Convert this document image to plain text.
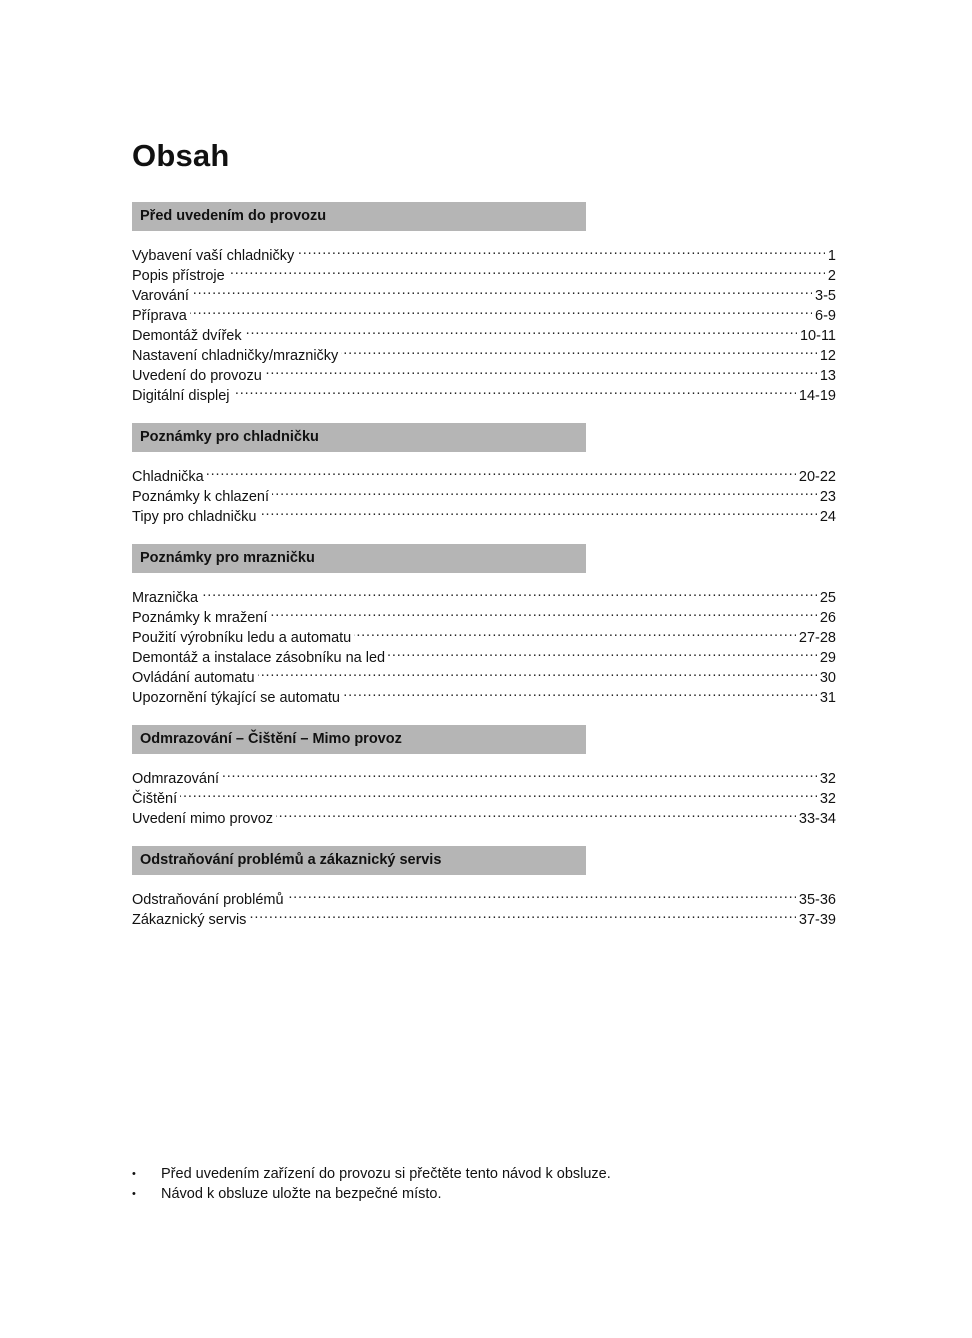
Obsah
Před uvedením do provozu
Vybavení vaší chladničky . . .	1
Popis přístroje . . .	2
Varování . . .	3-5
Příprava . . .	6-9
Demontáž dvířek . . .	10-11
Nastavení chladničky/mrazničky . . .	12
Uvedení do provozu . . .	13
Digitální displej . . .	14-19
Poznámky pro chladničku
Chladnička . . .	20-22
Poznámky k chlazení . . .	23
Tipy pro chladničku . . .	24
Poznámky pro mrazničku
Mraznička . . .	25
Poznámky k mražení . . .	26
Použití výrobníku ledu a automatu . . .	27-28
Demontáž a instalace zásobníku na led . . .	29
Ovládání automatu . . .	30
Upozornění týkající se automatu . . .	31
Odmrazování – Čištění – Mimo provoz
Odmrazování . . .	32
Čištění . . .	32
Uvedení mimo provoz . . .	33-34
Odstraňování problémů a zákaznický servis
Odstraňování problémů . . .	35-36
Zákaznický servis . . .	37-39
• Před uvedením zařízení do provozu si přečtěte tento návod k obsluze.
• Návod k obsluze uložte na bezpečné místo.
